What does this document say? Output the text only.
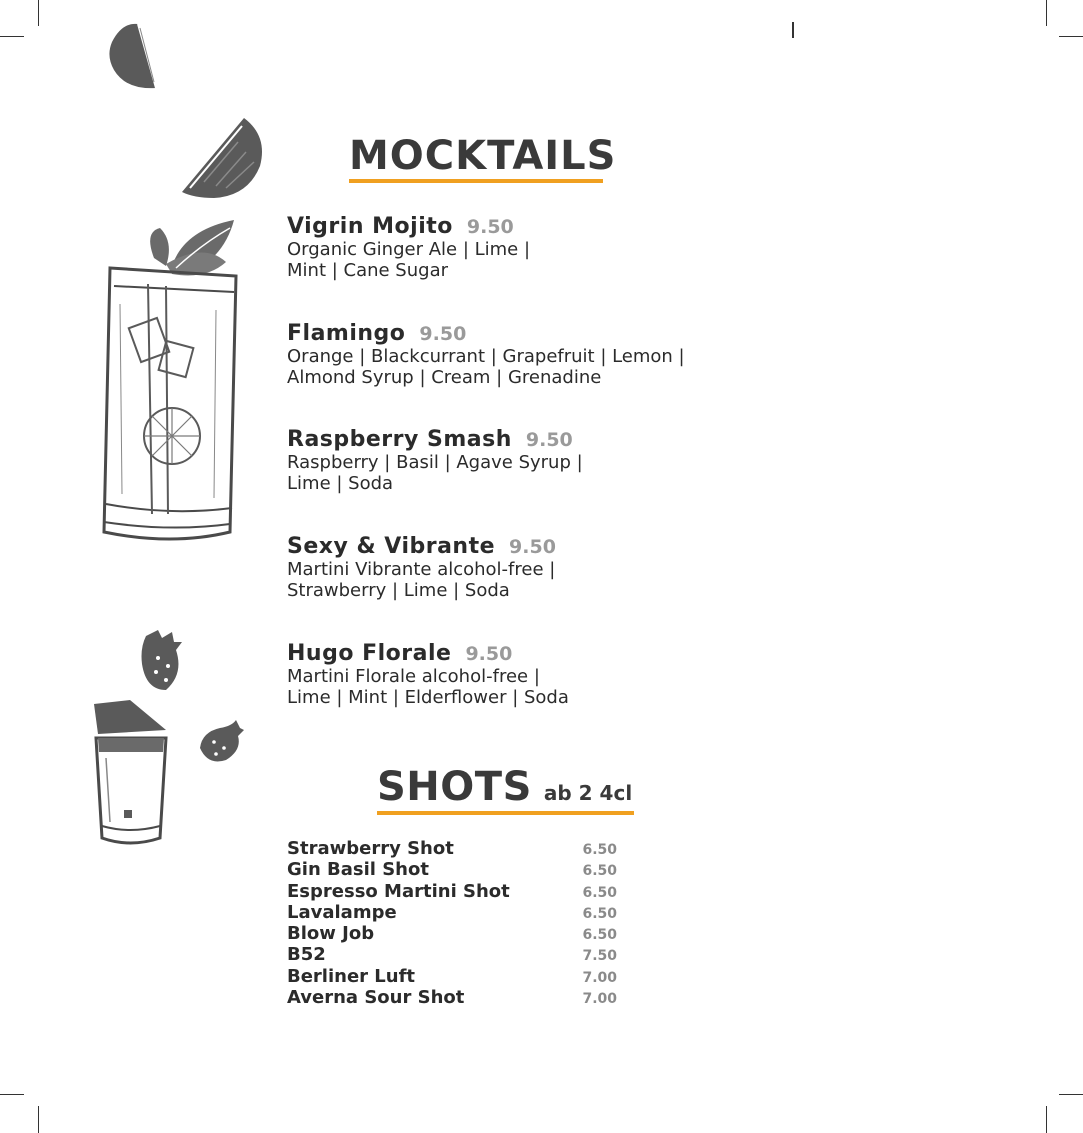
MOCKTAILS
Vigrin Mojito 9.50
Organic Ginger Ale | Lime |
Mint | Cane Sugar
Flamingo 9.50
Orange | Blackcurrant | Grapefruit | Lemon |
Almond Syrup | Cream | Grenadine
Raspberry Smash 9.50
Raspberry | Basil | Agave Syrup |
Lime | Soda
Sexy & Vibrante 9.50
Martini Vibrante alcohol-free |
Strawberry | Lime | Soda
Hugo Florale 9.50
Martini Florale alcohol-free |
Lime | Mint | Elderflower | Soda
SHOTS ab 2 4cl
Strawberry Shot	6.50
Gin Basil Shot	6.50
Espresso Martini Shot	6.50
Lavalampe	6.50
Blow Job	6.50
B52	7.50
Berliner Luft	7.00
Averna Sour Shot	7.00
